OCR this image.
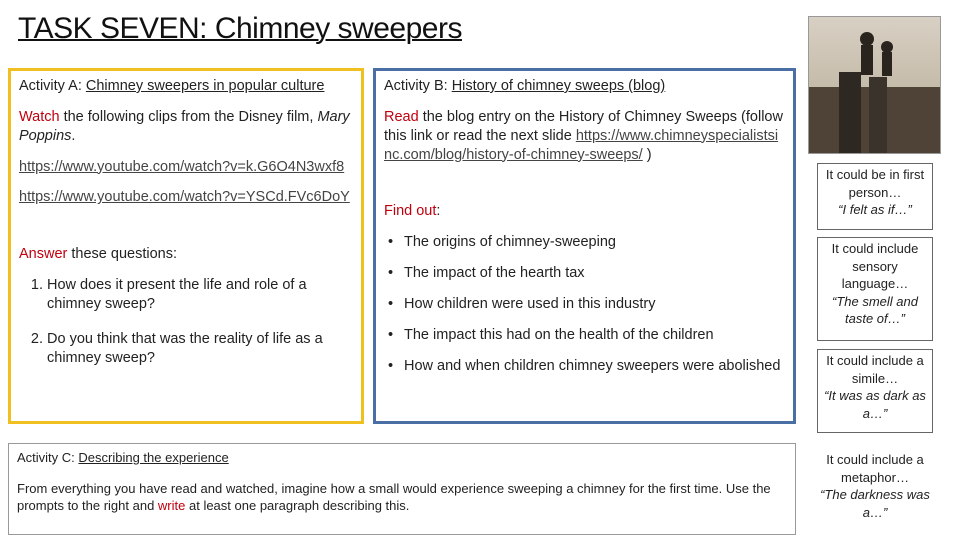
TASK SEVEN: Chimney sweepers

Activity A: Chimney sweepers in popular culture

Watch the following clips from the Disney film, Mary Poppins.

https://www.youtube.com/watch?v=k.G6O4N3wxf8

https://www.youtube.com/watch?v=YSCd.FVc6DoY

Answer these questions:

1. How does it present the life and role of a chimney sweep?
2. Do you think that was the reality of life as a chimney sweep?

Activity B: History of chimney sweeps (blog)

Read the blog entry on the History of Chimney Sweeps (follow this link or read the next slide https://www.chimneyspecialistsinc.com/blog/history-of-chimney-sweeps/ )

Find out:

• The origins of chimney-sweeping
• The impact of the hearth tax
• How children were used in this industry
• The impact this had on the health of the children
• How and when children chimney sweepers were abolished

Activity C: Describing the experience

From everything you have read and watched, imagine how a small would experience sweeping a chimney for the first time. Use the prompts to the right and write at least one paragraph describing this.

It could be in first person…
“I felt as if…”
It could include sensory language…
“The smell and taste of…”
It could include a simile…
“It was as dark as a…”
It could include a metaphor…
“The darkness was a…”
